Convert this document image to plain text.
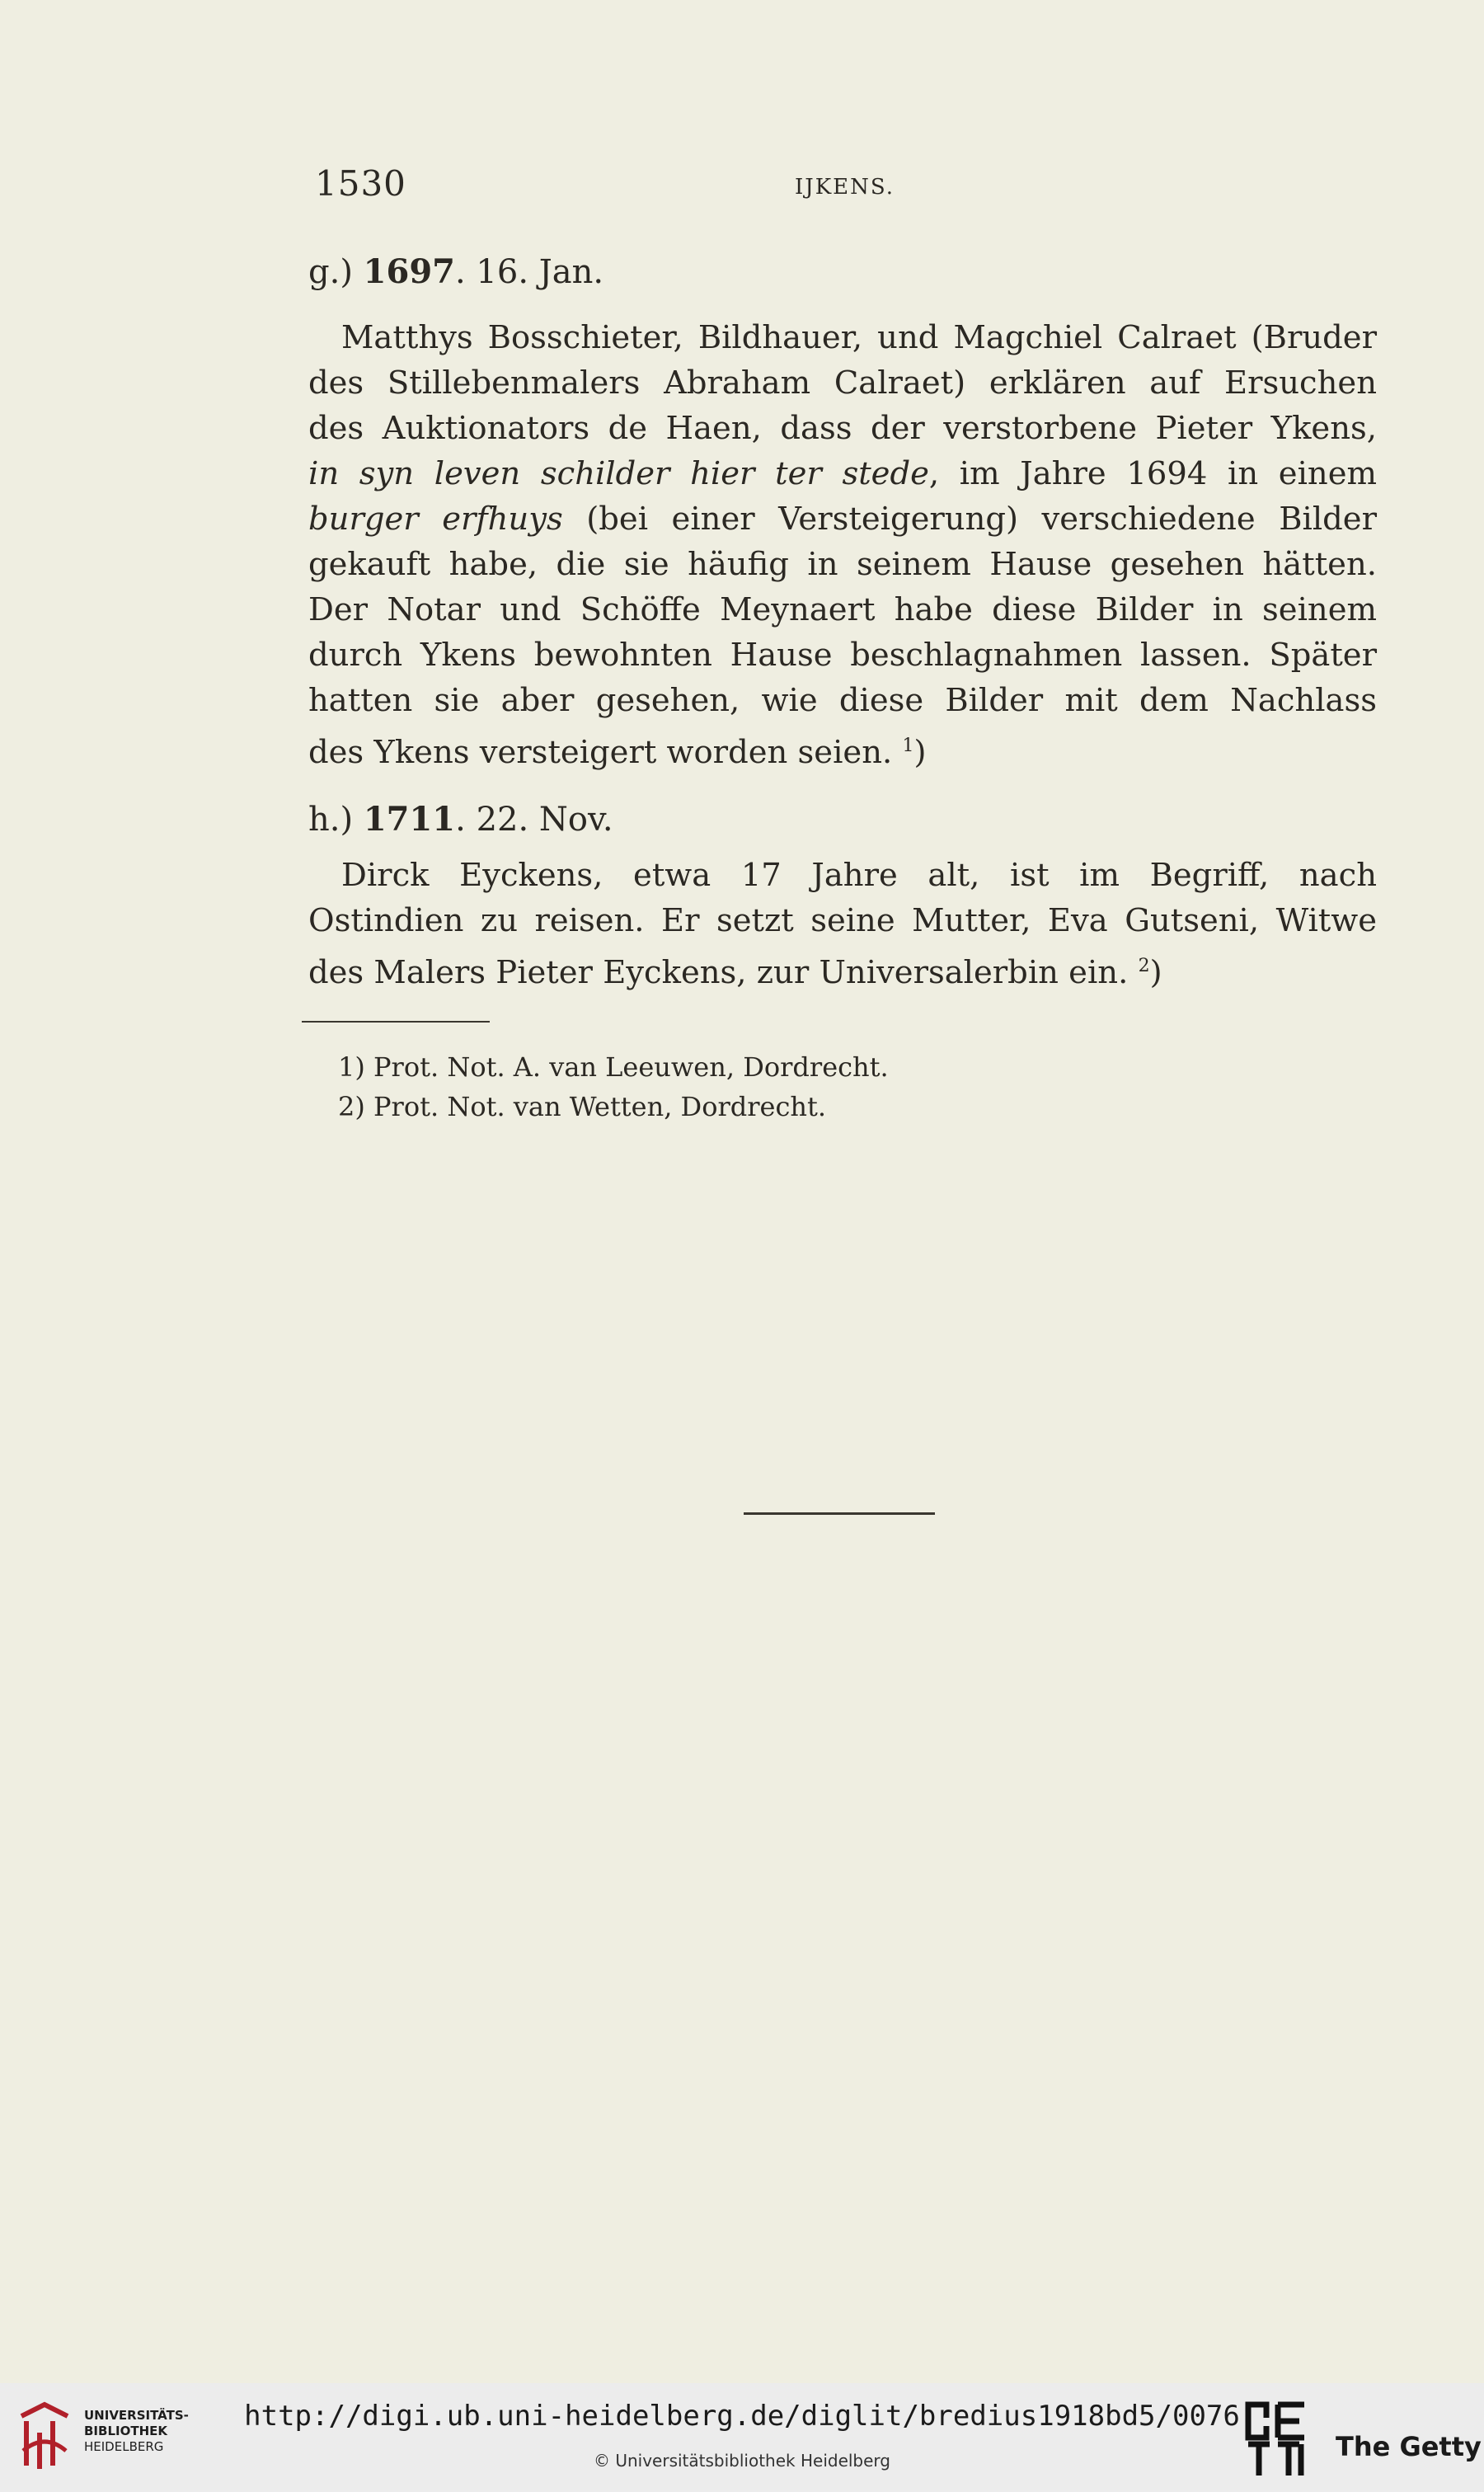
1530	IJKENS.
g.) 1697. 16. Jan.

Matthys Bosschieter, Bildhauer, und Magchiel Calraet (Bruder
des Stillebenmalers Abraham Calraet) erklären auf Ersuchen
des Auktionators de Haen, dass der verstorbene Pieter Ykens,
in syn leven schilder hier ter stede, im Jahre 1694 in einem
burger erfhuys (bei einer Versteigerung) verschiedene Bilder
gekauft habe, die sie häufig in seinem Hause gesehen hätten.
Der Notar und Schöffe Meynaert habe diese Bilder in seinem
durch Ykens bewohnten Hause beschlagnahmen lassen. Später
hatten sie aber gesehen, wie diese Bilder mit dem Nachlass
des Ykens versteigert worden seien. $^1$)

h.) 1711. 22. Nov.

Dirck Eyckens, etwa 17 Jahre alt, ist im Begriff, nach
Ostindien zu reisen. Er setzt seine Mutter, Eva Gutseni, Witwe
des Malers Pieter Eyckens, zur Universalerbin ein. $^2$)

1) Prot. Not. A. van Leeuwen, Dordrecht.
2) Prot. Not. van Wetten, Dordrecht.
UNIVERSITÄTS-
BIBLIOTHEK
HEIDELBERG
http://digi.ub.uni-heidelberg.de/diglit/bredius1918bd5/0076
© Universitätsbibliothek Heidelberg	The Getty
